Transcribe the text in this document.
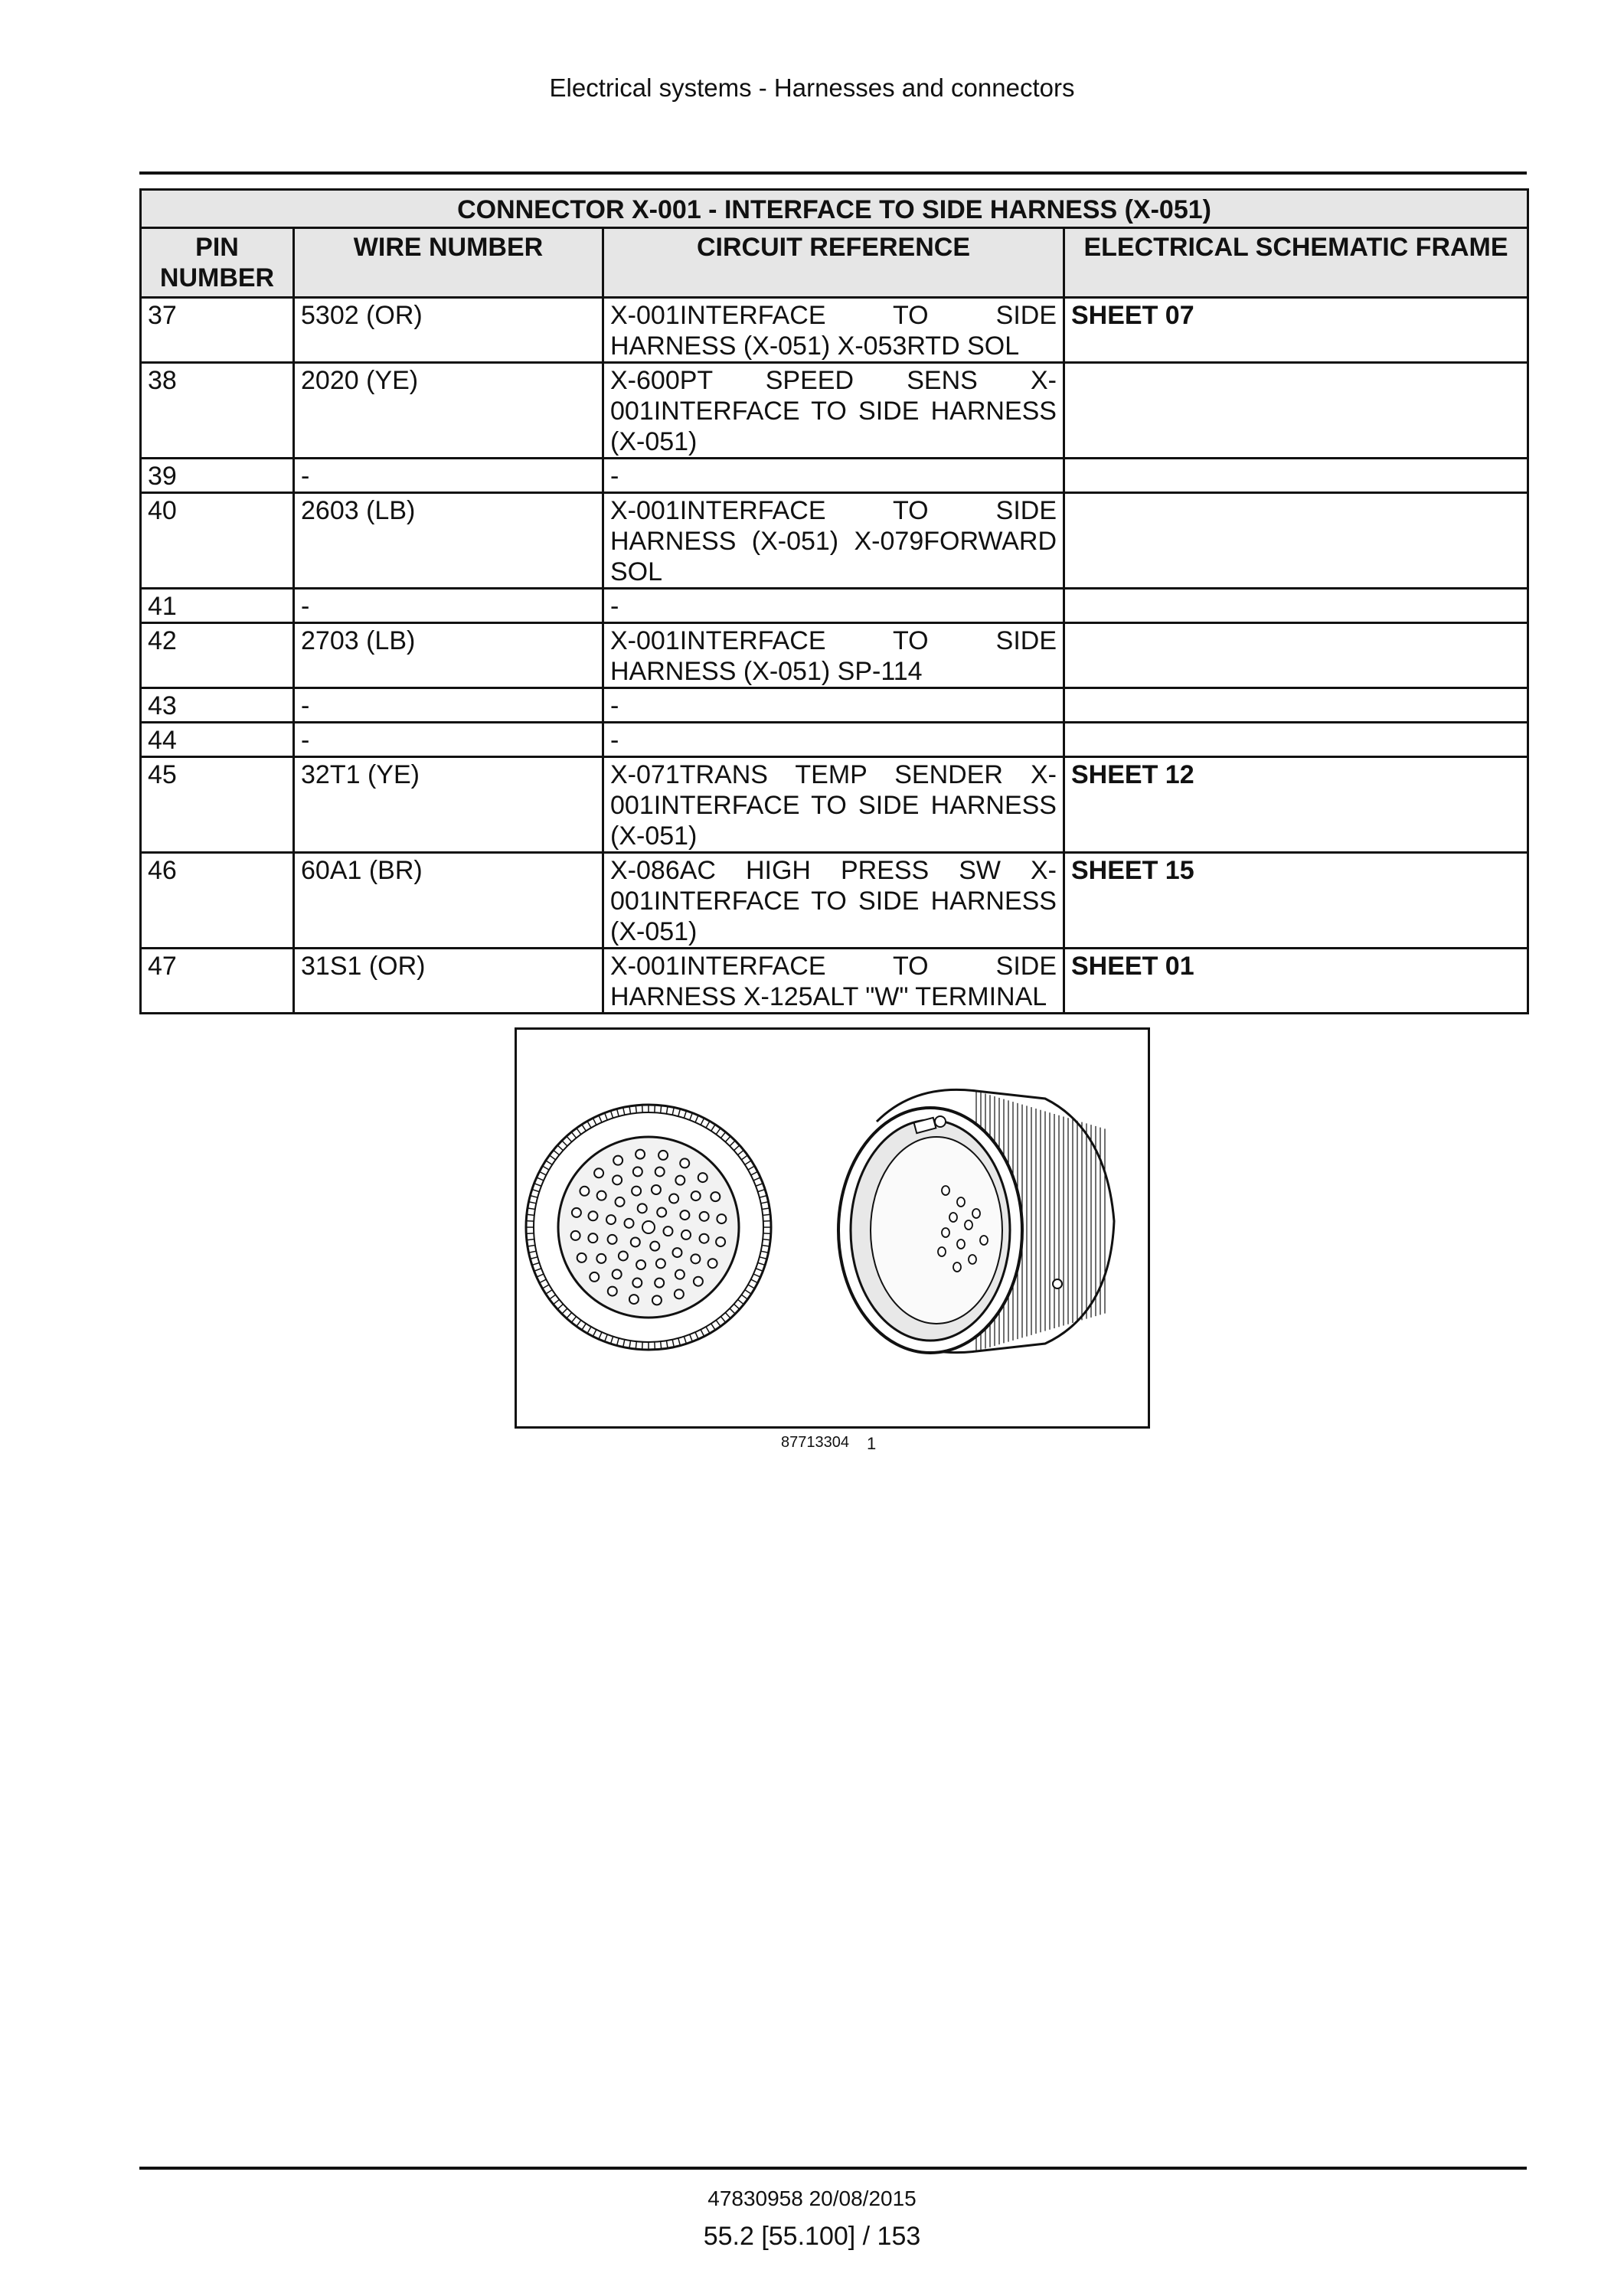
Electrical systems - Harnesses and connectors
CONNECTOR X-001 - INTERFACE TO SIDE HARNESS (X-051)			
PIN NUMBER	WIRE NUMBER	CIRCUIT REFERENCE	ELECTRICAL SCHEMATIC FRAME
37	5302 (OR)	X-001INTERFACE TO SIDE HARNESS (X-051) X-053RTD SOL	SHEET 07
38	2020 (YE)	X-600PT SPEED SENS X-001INTERFACE TO SIDE HARNESS (X-051)	
39	-	-	
40	2603 (LB)	X-001INTERFACE TO SIDE HARNESS (X-051) X-079FORWARD SOL	
41	-	-	
42	2703 (LB)	X-001INTERFACE TO SIDE HARNESS (X-051) SP-114	
43	-	-	
44	-	-	
45	32T1 (YE)	X-071TRANS TEMP SENDER X-001INTERFACE TO SIDE HARNESS (X-051)	SHEET 12
46	60A1 (BR)	X-086AC HIGH PRESS SW X-001INTERFACE TO SIDE HARNESS (X-051)	SHEET 15
47	31S1 (OR)	X-001INTERFACE TO SIDE HARNESS X-125ALT "W" TERMINAL	SHEET 01
87713304 1
47830958 20/08/2015
55.2 [55.100] / 153
